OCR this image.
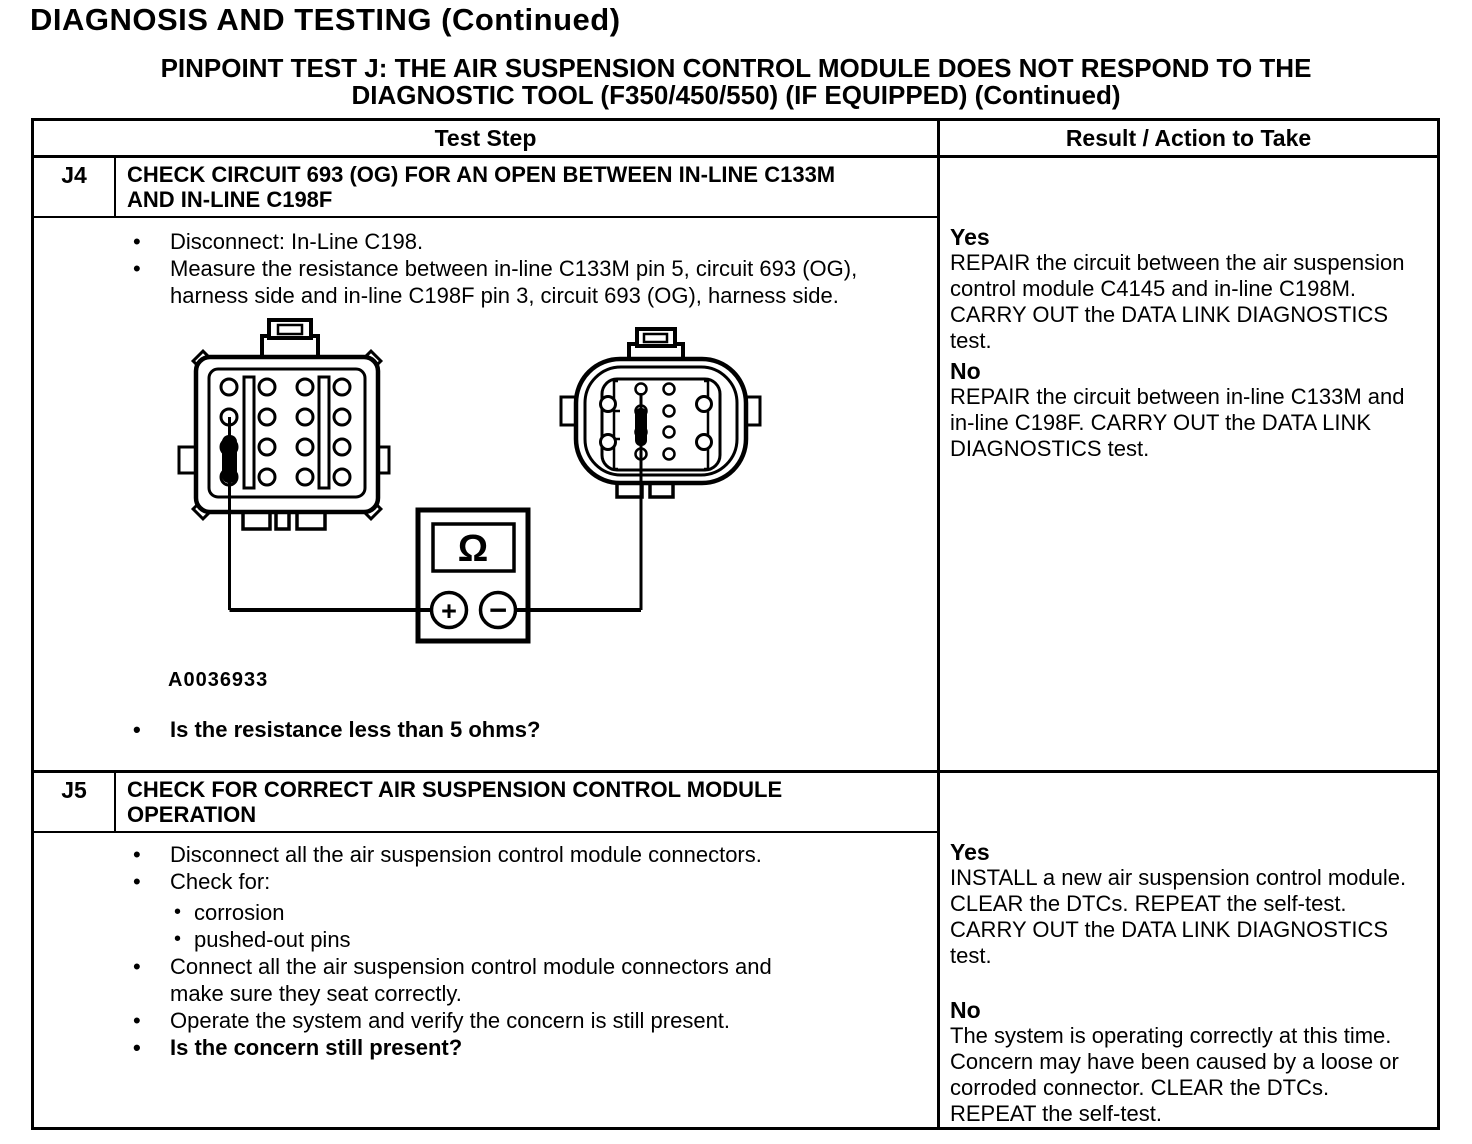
DIAGNOSIS AND TESTING (Continued)
PINPOINT TEST J: THE AIR SUSPENSION CONTROL MODULE DOES NOT RESPOND TO THE
DIAGNOSTIC TOOL (F350/450/550) (IF EQUIPPED) (Continued)
Test Step	Result / Action to Take
J4	CHECK CIRCUIT 693 (OG) FOR AN OPEN BETWEEN IN-LINE C133M AND IN-LINE C198F
• Disconnect: In-Line C198.
• Measure the resistance between in-line C133M pin 5, circuit 693 (OG), harness side and in-line C198F pin 3, circuit 693 (OG), harness side.
Ω
+ −
A0036933
• Is the resistance less than 5 ohms?
Yes
REPAIR the circuit between the air suspension control module C4145 and in-line C198M. CARRY OUT the DATA LINK DIAGNOSTICS test.
No
REPAIR the circuit between in-line C133M and in-line C198F. CARRY OUT the DATA LINK DIAGNOSTICS test.
J5	CHECK FOR CORRECT AIR SUSPENSION CONTROL MODULE OPERATION
• Disconnect all the air suspension control module connectors.
• Check for:
• corrosion
• pushed-out pins
• Connect all the air suspension control module connectors and make sure they seat correctly.
• Operate the system and verify the concern is still present.
• Is the concern still present?
Yes
INSTALL a new air suspension control module. CLEAR the DTCs. REPEAT the self-test. CARRY OUT the DATA LINK DIAGNOSTICS test.
No
The system is operating correctly at this time. Concern may have been caused by a loose or corroded connector. CLEAR the DTCs. REPEAT the self-test.
